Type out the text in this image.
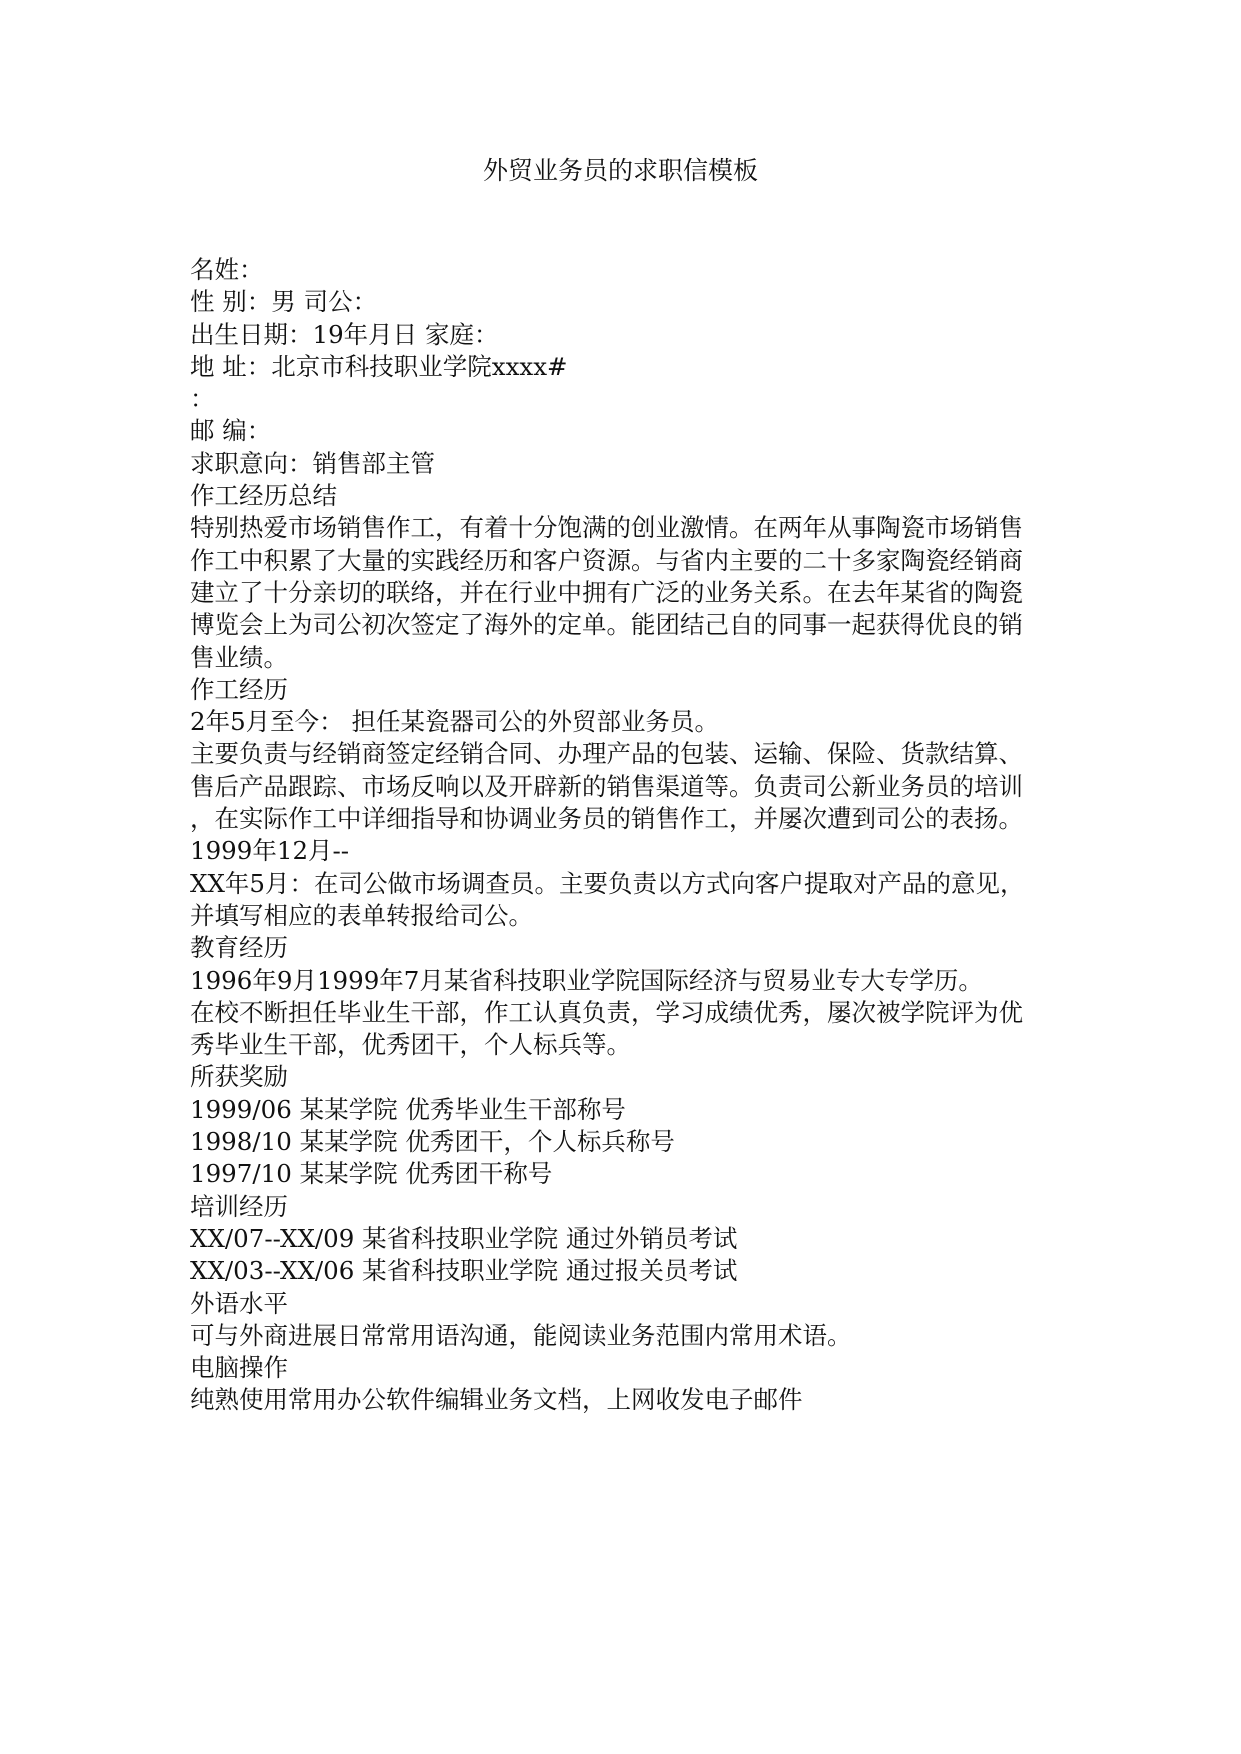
外贸业务员的求职信模板
名姓：
性 别：男 司公：
出生日期：19年月日 家庭：
地 址：北京市科技职业学院xxxx#
：
邮 编：
求职意向：销售部主管
作工经历总结
特别热爱市场销售作工，有着十分饱满的创业激情。在两年从事陶瓷市场销售
作工中积累了大量的实践经历和客户资源。与省内主要的二十多家陶瓷经销商
建立了十分亲切的联络，并在行业中拥有广泛的业务关系。在去年某省的陶瓷
博览会上为司公初次签定了海外的定单。能团结己自的同事一起获得优良的销
售业绩。
作工经历
2年5月至今： 担任某瓷器司公的外贸部业务员。
主要负责与经销商签定经销合同、办理产品的包装、运输、保险、货款结算、
售后产品跟踪、市场反响以及开辟新的销售渠道等。负责司公新业务员的培训
，在实际作工中详细指导和协调业务员的销售作工，并屡次遭到司公的表扬。
1999年12月--
XX年5月：在司公做市场调查员。主要负责以方式向客户提取对产品的意见，
并填写相应的表单转报给司公。
教育经历
1996年9月1999年7月某省科技职业学院国际经济与贸易业专大专学历。
在校不断担任毕业生干部，作工认真负责，学习成绩优秀，屡次被学院评为优
秀毕业生干部，优秀团干，个人标兵等。
所获奖励
1999/06 某某学院 优秀毕业生干部称号
1998/10 某某学院 优秀团干，个人标兵称号
1997/10 某某学院 优秀团干称号
培训经历
XX/07--XX/09 某省科技职业学院 通过外销员考试
XX/03--XX/06 某省科技职业学院 通过报关员考试
外语水平
可与外商进展日常常用语沟通，能阅读业务范围内常用术语。
电脑操作
纯熟使用常用办公软件编辑业务文档，上网收发电子邮件
